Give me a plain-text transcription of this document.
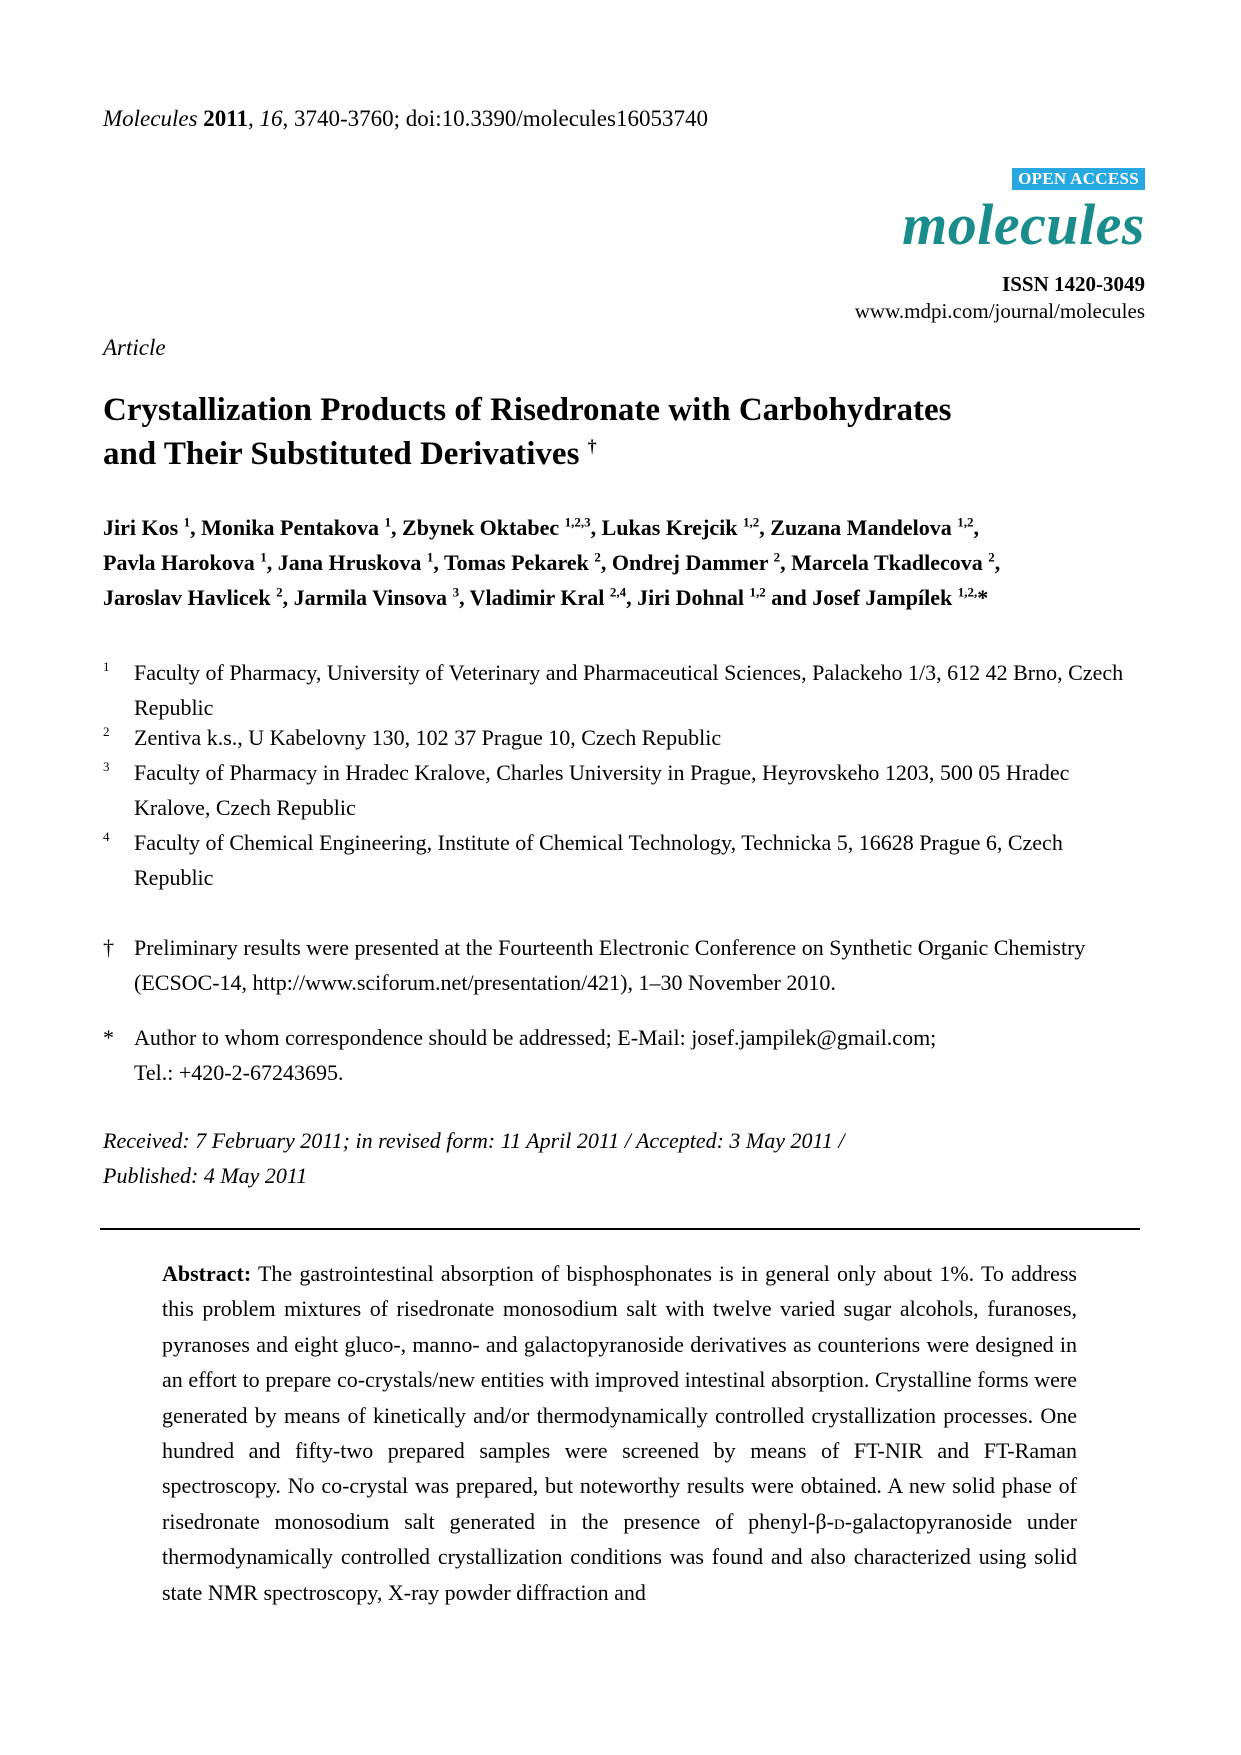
Molecules 2011, 16, 3740-3760; doi:10.3390/molecules16053740
OPEN ACCESS
molecules
ISSN 1420-3049
www.mdpi.com/journal/molecules
Article
Crystallization Products of Risedronate with Carbohydrates
and Their Substituted Derivatives †
Jiri Kos $^1$, Monika Pentakova $^1$, Zbynek Oktabec $^{1,2,3}$, Lukas Krejcik $^{1,2}$, Zuzana Mandelova $^{1,2}$,
Pavla Harokova $^1$, Jana Hruskova $^1$, Tomas Pekarek $^2$, Ondrej Dammer $^2$, Marcela Tkadlecova $^2$,
Jaroslav Havlicek $^2$, Jarmila Vinsova $^3$, Vladimir Kral $^{2,4}$, Jiri Dohnal $^{1,2}$ and Josef Jampílek $^{1,2,}$*
1	Faculty of Pharmacy, University of Veterinary and Pharmaceutical Sciences, Palackeho 1/3, 612 42 Brno, Czech Republic
2	Zentiva k.s., U Kabelovny 130, 102 37 Prague 10, Czech Republic
3	Faculty of Pharmacy in Hradec Kralove, Charles University in Prague, Heyrovskeho 1203, 500 05 Hradec Kralove, Czech Republic
4	Faculty of Chemical Engineering, Institute of Chemical Technology, Technicka 5, 16628 Prague 6, Czech Republic
† Preliminary results were presented at the Fourteenth Electronic Conference on Synthetic Organic Chemistry (ECSOC-14, http://www.sciforum.net/presentation/421), 1–30 November 2010.
* Author to whom correspondence should be addressed; E-Mail: josef.jampilek@gmail.com;
Tel.: +420-2-67243695.
Received: 7 February 2011; in revised form: 11 April 2011 / Accepted: 3 May 2011 /
Published: 4 May 2011
Abstract: The gastrointestinal absorption of bisphosphonates is in general only about 1%. To address this problem mixtures of risedronate monosodium salt with twelve varied sugar alcohols, furanoses, pyranoses and eight gluco-, manno- and galactopyranoside derivatives as counterions were designed in an effort to prepare co-crystals/new entities with improved intestinal absorption. Crystalline forms were generated by means of kinetically and/or thermodynamically controlled crystallization processes. One hundred and fifty-two prepared samples were screened by means of FT-NIR and FT-Raman spectroscopy. No co-crystal was prepared, but noteworthy results were obtained. A new solid phase of risedronate monosodium salt generated in the presence of phenyl-β-d-galactopyranoside under thermodynamically controlled crystallization conditions was found and also characterized using solid state NMR spectroscopy, X-ray powder diffraction and
